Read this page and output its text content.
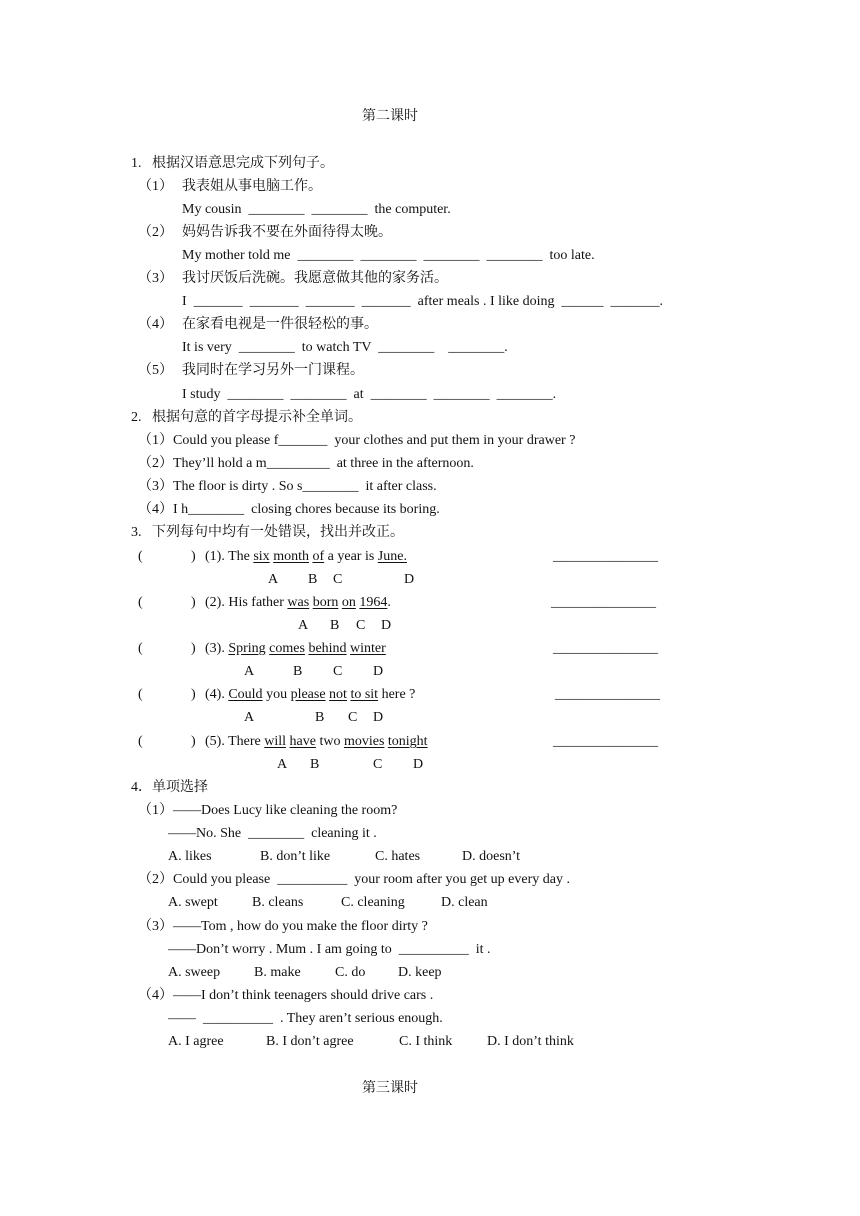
第二课时
1.   根据汉语意思完成下列句子。
（1） 我表姐从事电脑工作。
My cousin  ________  ________  the computer.
（2） 妈妈告诉我不要在外面待得太晚。
My mother told me  ________  ________  ________  ________  too late.
（3） 我讨厌饭后洗碗。我愿意做其他的家务活。
I  _______  _______  _______  _______  after meals . I like doing  ______  _______.
（4） 在家看电视是一件很轻松的事。
It is very  ________  to watch TV  ________    ________.
（5） 我同时在学习另外一门课程。
I study  ________  ________  at  ________  ________  ________.
2.   根据句意的首字母提示补全单词。
（1）Could you please f_______  your clothes and put them in your drawer ?
（2）They’ll hold a m_________  at three in the afternoon.
（3）The floor is dirty . So s________  it after class.
（4）I h________  closing chores because its boring.
3.   下列每句中均有一处错误，找出并改正。
(	) (1). The six month of a year is June.	_______________
A B C	D
(	) (2). His father was born on 1964.	_______________
A B C D
(	) (3). Spring comes behind winter	_______________
A	B C D
(	) (4). Could you please not to sit here ?	_______________
A	B C D
(	) (5). There will have two movies tonight	_______________
A B	C D
4．单项选择
（1）——Does Lucy like cleaning the room?
——No. She  ________  cleaning it .
A. likes	B. don’t like	C. hates	D. doesn’t
（2）Could you please  __________  your room after you get up every day .
A. swept B. cleans	C. cleaning	D. clean
（3）——Tom , how do you make the floor dirty ?
——Don’t worry . Mum . I am going to  __________  it .
A. sweep B. make C. do D. keep
（4）——I don’t think teenagers should drive cars .
——  __________  . They aren’t serious enough.
A. I agree	B. I don’t agree	C. I think D. I don’t think
第三课时
